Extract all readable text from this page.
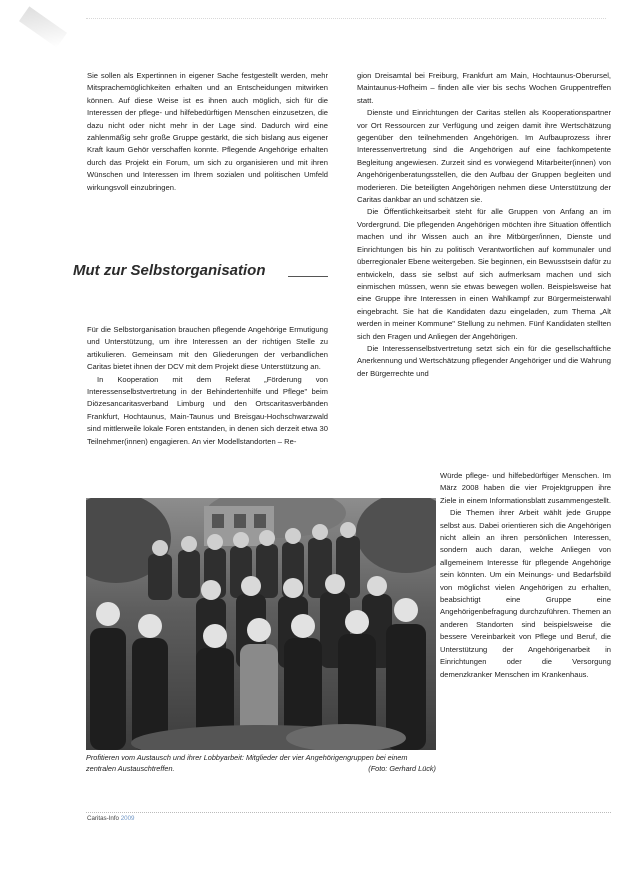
Sie sollen als Expertinnen in eigener Sache festgestellt werden, mehr Mitsprachemöglichkeiten erhalten und an Entscheidungen mitwirken können. Auf diese Weise ist es ihnen auch möglich, sich für die Interessen der pflege- und hilfebedürftigen Menschen einzusetzen, die dazu nicht oder nicht mehr in der Lage sind. Dadurch wird eine zahlenmäßig sehr große Gruppe gestärkt, die sich bislang aus eigener Kraft kaum Gehör verschaffen konnte. Pflegende Angehörige erhalten durch das Projekt ein Forum, um sich zu organisieren und mit ihren Wünschen und Interessen im Ihrem sozialen und politischen Umfeld wirkungsvoll einzubringen.

Mut zur Selbstorganisation

Für die Selbstorganisation brauchen pflegende Angehörige Ermutigung und Unterstützung, um ihre Interessen an der richtigen Stelle zu artikulieren. Gemeinsam mit den Gliederungen der verbandlichen Caritas bietet ihnen der DCV mit dem Projekt diese Unterstützung an.

In Kooperation mit dem Referat „Förderung von Interessenselbstvertretung in der Behindertenhilfe und Pflege" beim Diözesancaritasverband Limburg und den Ortscaritasverbänden Frankfurt, Hochtaunus, Main-Taunus und Breisgau-Hochschwarzwald sind mittlerweile lokale Foren entstanden, in denen sich derzeit etwa 30 Teilnehmer(innen) engagieren. An vier Modellstandorten – Re-

gion Dreisamtal bei Freiburg, Frankfurt am Main, Hochtaunus-Oberursel, Maintaunus-Hofheim – finden alle vier bis sechs Wochen Gruppentreffen statt.

Dienste und Einrichtungen der Caritas stellen als Kooperationspartner vor Ort Ressourcen zur Verfügung und zeigen damit ihre Wertschätzung gegenüber den teilnehmenden Angehörigen. Im Aufbauprozess ihrer Interessenvertretung sind die Angehörigen auf eine fachkompetente Begleitung angewiesen. Zurzeit sind es vorwiegend Mitarbeiter(innen) von Angehörigenberatungsstellen, die den Aufbau der Gruppen begleiten und moderieren. Die beteiligten Angehörigen nehmen diese Unterstützung der Caritas dankbar an und schätzen sie.

Die Öffentlichkeitsarbeit steht für alle Gruppen von Anfang an im Vordergrund. Die pflegenden Angehörigen möchten ihre Situation öffentlich machen und ihr Wissen auch an ihre Mitbürger/innen, Dienste und Einrichtungen bis hin zu politisch Verantwortlichen auf kommunaler und überregionaler Ebene weitergeben. Sie beginnen, ein Bewusstsein dafür zu entwickeln, dass sie selbst auf sich aufmerksam machen und sich einmischen müssen, wenn sie etwas bewegen wollen. Beispielsweise hat eine Gruppe ihre Interessen in einen Wahlkampf zur Bürgermeisterwahl eingebracht. Sie hat die Kandidaten dazu eingeladen, zum Thema „Alt werden in meiner Kommune" Stellung zu nehmen. Fünf Kandidaten stellten sich den Fragen und Anliegen der Angehörigen.

Die Interessenselbstvertretung setzt sich ein für die gesellschaftliche Anerkennung und Wertschätzung pflegender Angehöriger und die Wahrung der Bürgerrechte und

Profitieren vom Austausch und ihrer Lobbyarbeit: Mitglieder der vier Angehörigengruppen bei einem zentralen Austauschtreffen.	(Foto: Gerhard Lück)

Würde pflege- und hilfebedürftiger Menschen. Im März 2008 haben die vier Projektgruppen ihre Ziele in einem Informationsblatt zusammengestellt.

Die Themen ihrer Arbeit wählt jede Gruppe selbst aus. Dabei orientieren sich die Angehörigen nicht allein an ihren persönlichen Interessen, sondern auch daran, welche Anliegen von allgemeinem Interesse für pflegende Angehörige sein könnten. Um ein Meinungs- und Bedarfsbild von möglichst vielen Angehörigen zu erhalten, beabsichtigt eine Gruppe eine Angehörigenbefragung durchzuführen. Themen an anderen Standorten sind beispielsweise die bessere Vereinbarkeit von Pflege und Beruf, die Unterstützung der Angehörigenarbeit in Einrichtungen oder die Versorgung demenzkranker Menschen im Krankenhaus.

Caritas-Info 2009
